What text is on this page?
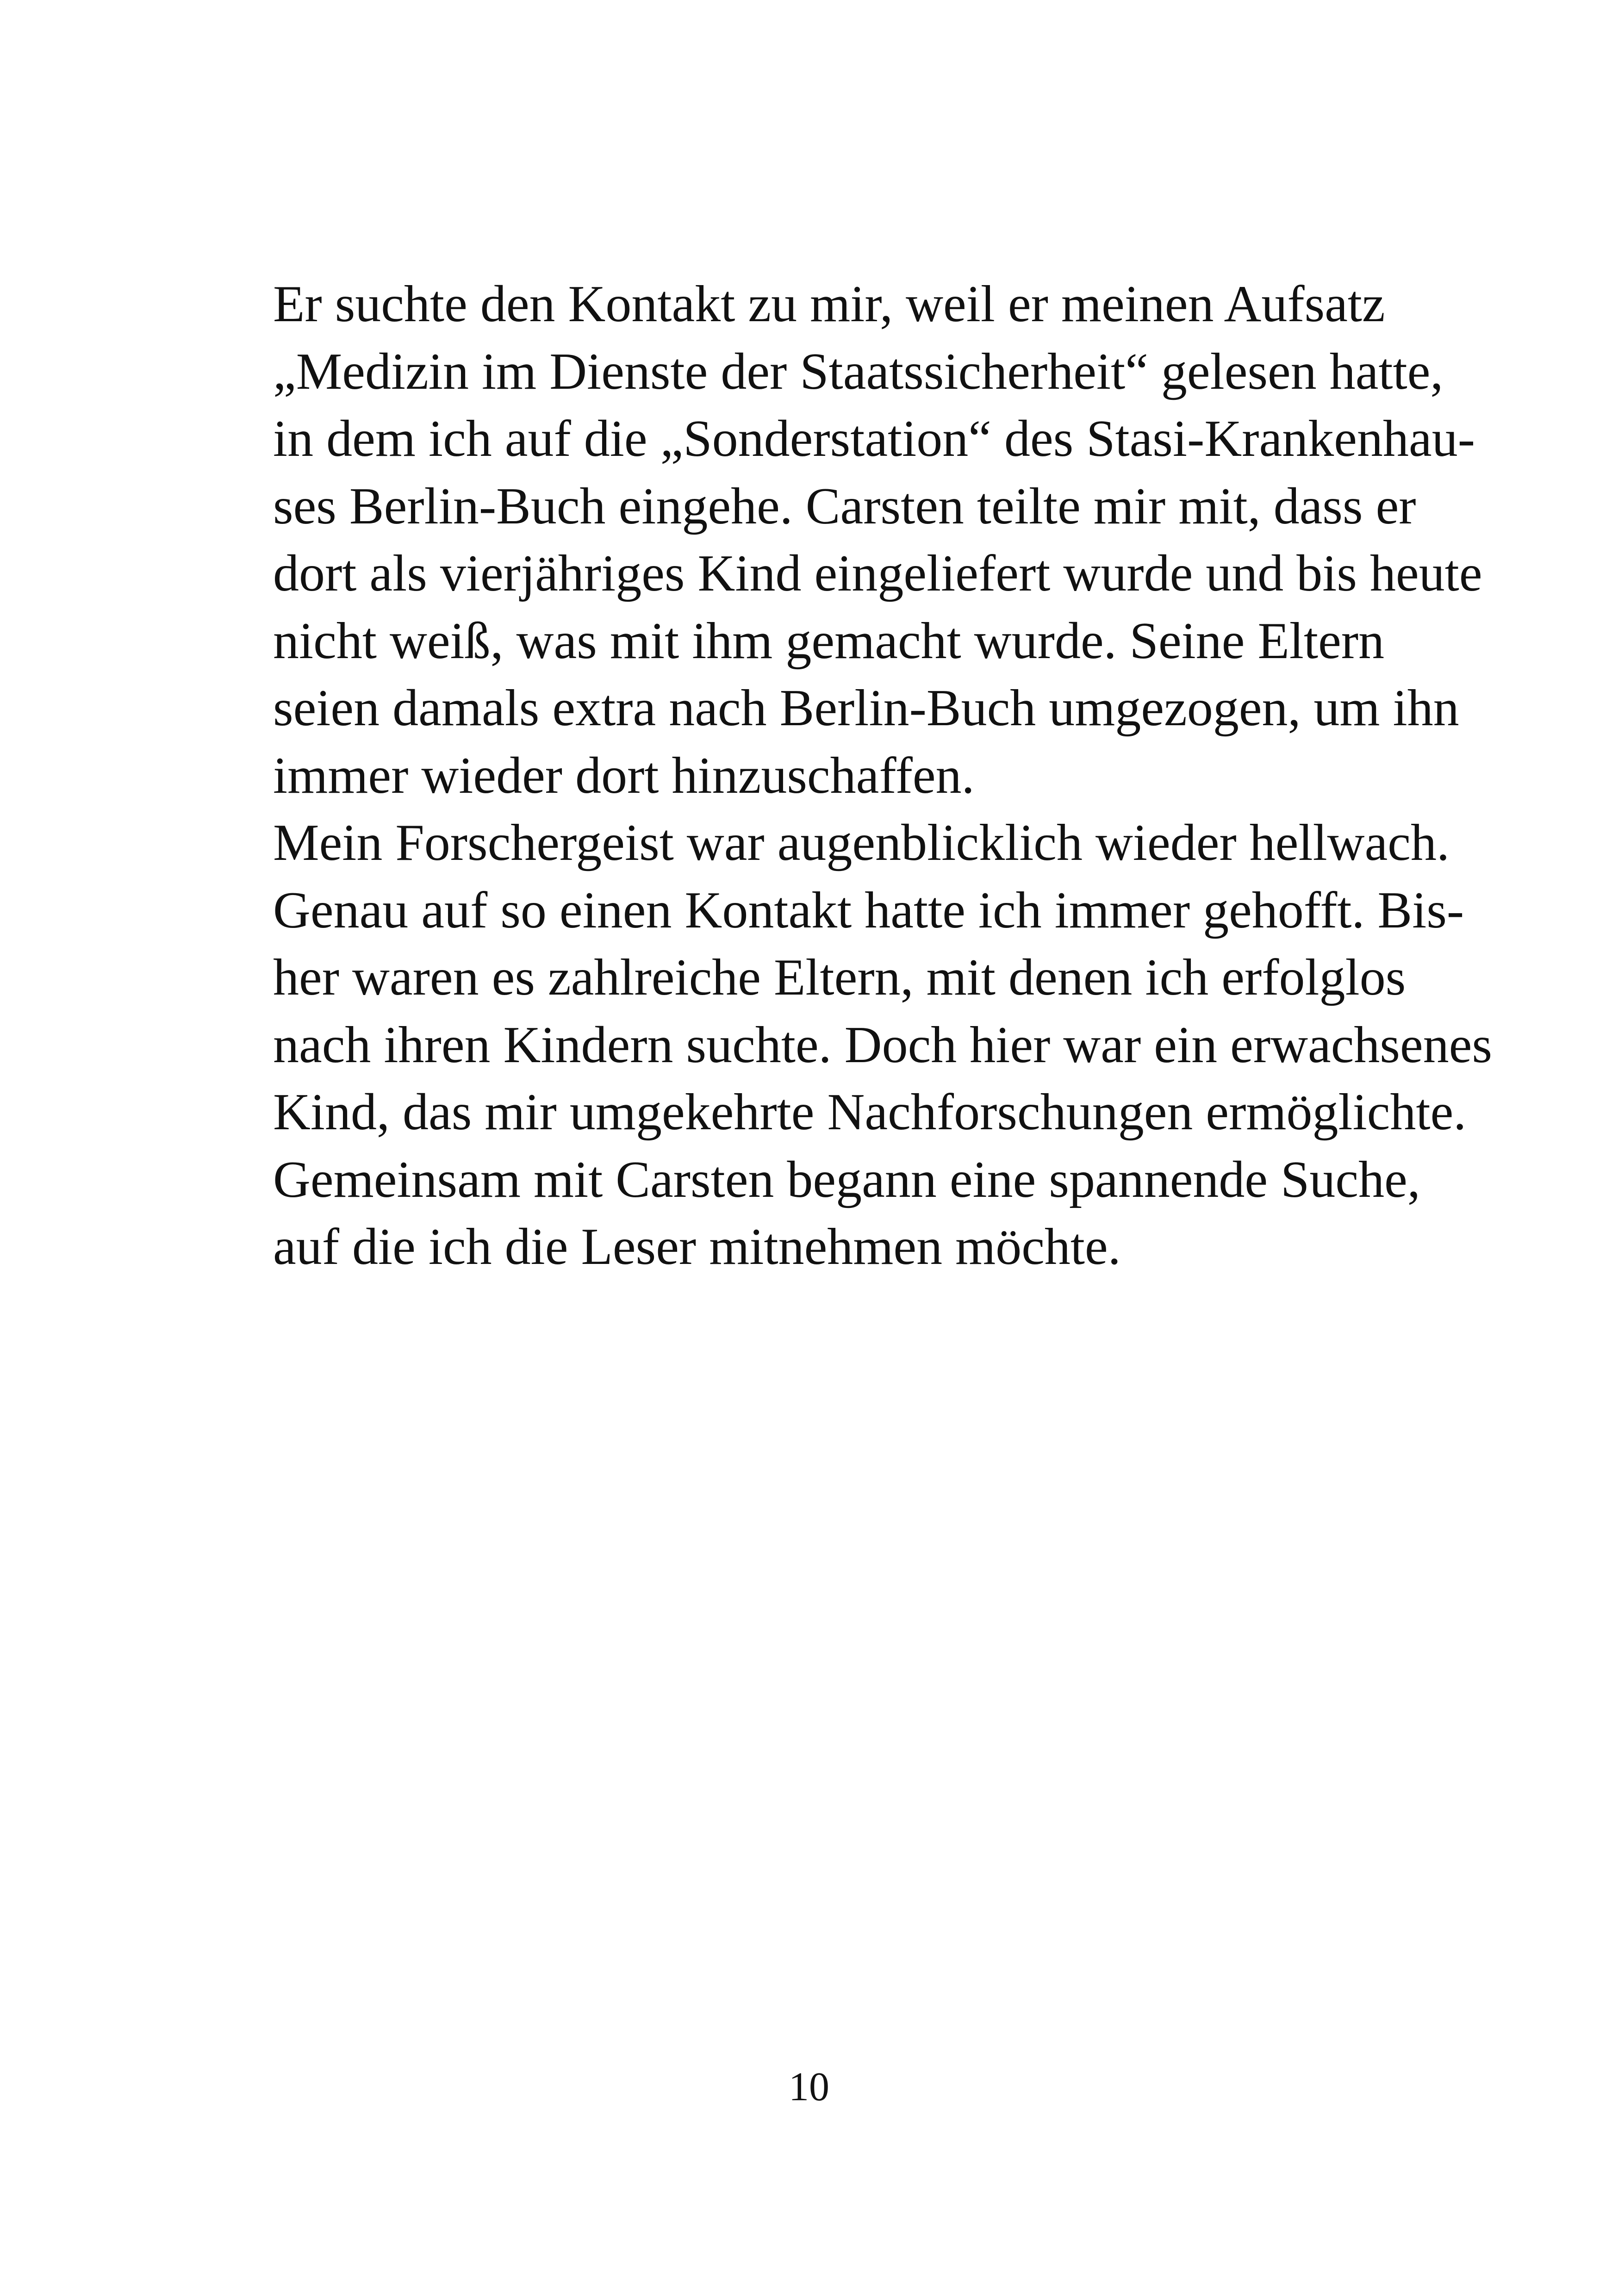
Er suchte den Kontakt zu mir, weil er meinen Aufsatz
„Medizin im Dienste der Staatssicherheit“ gelesen hatte,
in dem ich auf die „Sonderstation“ des Stasi-Krankenhau-
ses Berlin-Buch eingehe. Carsten teilte mir mit, dass er
dort als vierjähriges Kind eingeliefert wurde und bis heute
nicht weiß, was mit ihm gemacht wurde. Seine Eltern
seien damals extra nach Berlin-Buch umgezogen, um ihn
immer wieder dort hinzuschaffen.
Mein Forschergeist war augenblicklich wieder hellwach.
Genau auf so einen Kontakt hatte ich immer gehofft. Bis-
her waren es zahlreiche Eltern, mit denen ich erfolglos
nach ihren Kindern suchte. Doch hier war ein erwachsenes
Kind, das mir umgekehrte Nachforschungen ermöglichte.
Gemeinsam mit Carsten begann eine spannende Suche,
auf die ich die Leser mitnehmen möchte.
10
